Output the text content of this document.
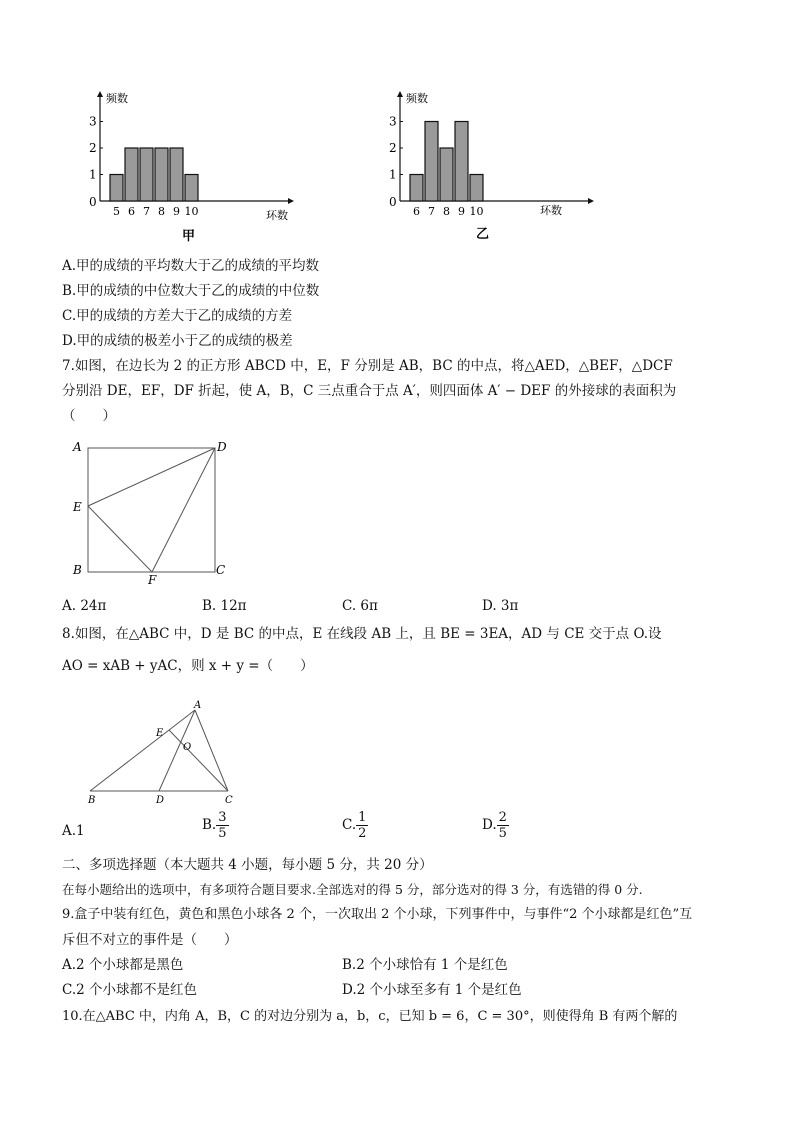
频数
环数
0
1
2
3
5 6 7 8 9 10
甲
频数
环数
0
1
2
3
6 7 8 9 10
乙
A.甲的成绩的平均数大于乙的成绩的平均数
B.甲的成绩的中位数大于乙的成绩的中位数
C.甲的成绩的方差大于乙的成绩的方差
D.甲的成绩的极差小于乙的成绩的极差
7.如图，在边长为 2 的正方形 ABCD 中，E，F 分别是 AB，BC 的中点，将△AED，△BEF，△DCF
分别沿 DE，EF，DF 折起，使 A，B，C 三点重合于点 A′，则四面体 A′ − DEF 的外接球的表面积为
（　　）
A	D
E
B
F
C
A. 24π	B. 12π	C. 6π	D. 3π
8.如图，在△ABC 中，D 是 BC 的中点，E 在线段 AB 上，且 BE = 3EA，AD 与 CE 交于点 O.设
AO = xAB + yAC，则 x + y =（　　）
A
E
O
B	D	C
A.1	B. $\frac{3}{5}$	C. $\frac{1}{2}$	D. $\frac{2}{5}$
二、多项选择题（本大题共 4 小题，每小题 5 分，共 20 分）
在每小题给出的选项中，有多项符合题目要求.全部选对的得 5 分，部分选对的得 3 分，有选错的得 0 分.
9.盒子中装有红色，黄色和黑色小球各 2 个，一次取出 2 个小球，下列事件中，与事件“2 个小球都是红色”互
斥但不对立的事件是（　　）
A.2 个小球都是黑色	B.2 个小球恰有 1 个是红色
C.2 个小球都不是红色	D.2 个小球至多有 1 个是红色
10.在△ABC 中，内角 A，B，C 的对边分别为 a，b，c，已知 b = 6，C = 30°，则使得角 B 有两个解的
